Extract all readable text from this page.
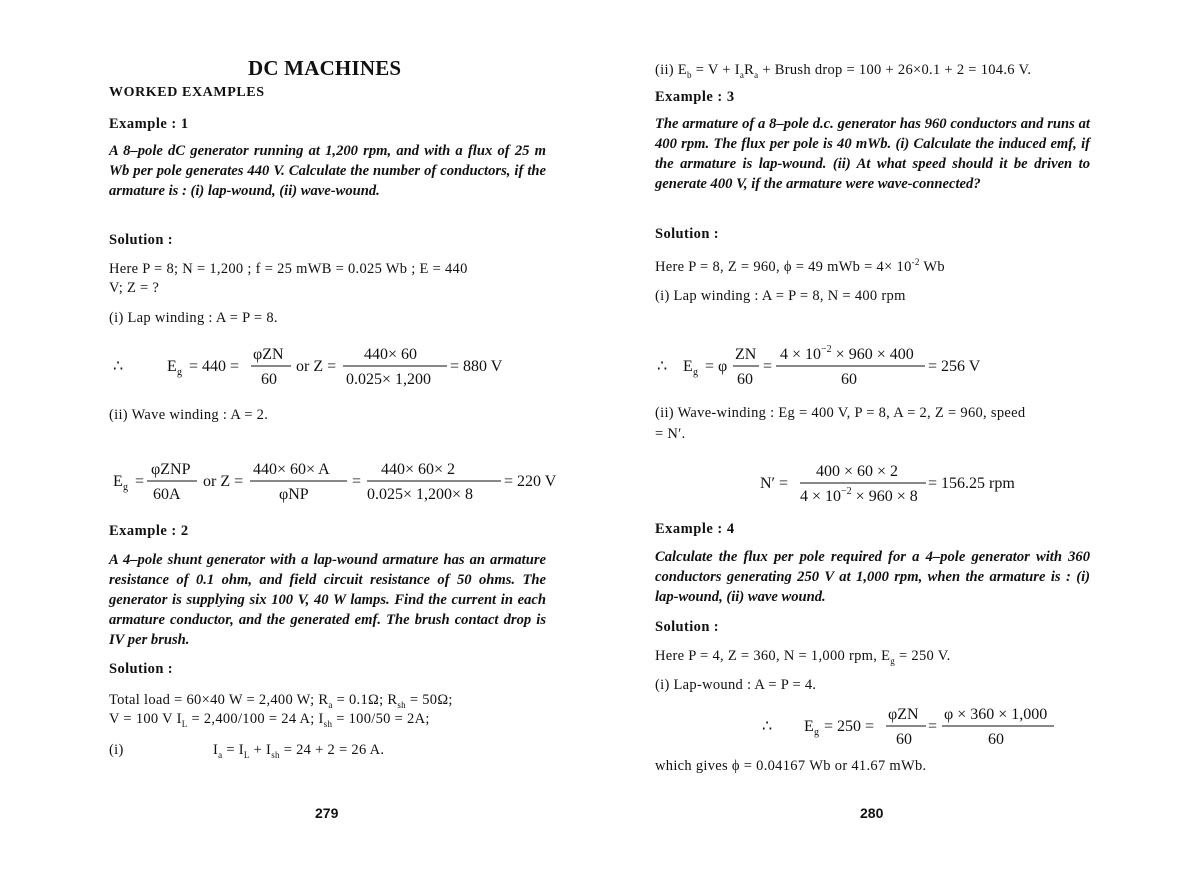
DC MACHINES
WORKED EXAMPLES
Example : 1
A 8–pole dC generator running at 1,200 rpm, and with a flux of 25 m Wb per pole generates 440 V. Calculate the number of conductors, if the armature is : (i) lap-wound, (ii) wave-wound.
Solution :
Here P = 8; N = 1,200 ; f = 25 mWB = 0.025 Wb ; E = 440
V; Z = ?
(i) Lap winding : A = P = 8.
∴	E g = 440 =
φZN
60
or Z =
440× 60
0.025× 1,200
= 880 V
(ii) Wave winding : A = 2.
E g =
φZNP
60A
or Z =
440× 60× A
φNP
=
440× 60× 2
0.025× 1,200× 8
= 220 V
Example : 2
A 4–pole shunt generator with a lap-wound armature has an armature resistance of 0.1 ohm, and field circuit resistance of 50 ohms. The generator is supplying six 100 V, 40 W lamps. Find the current in each armature conductor, and the generated emf. The brush contact drop is IV per brush.
Solution :
Total load = 60×40 W = 2,400 W; $R_a = 0.1\Omega$; $R_{sh} = 50\Omega$;
V = 100 V $I_L = 2,400/100 = 24$ A; $I_{sh} = 100/50 = 2A$;
(i)	$I_a = I_L + I_{sh} = 24 + 2 = 26$ A.
279
(ii) $E_b = V + I_aR_a$ + Brush drop = 100 + 26×0.1 + 2 = 104.6 V.
Example : 3
The armature of a 8–pole d.c. generator has 960 conductors and runs at 400 rpm. The flux per pole is 40 mWb. (i) Calculate the induced emf, if the armature is lap-wound. (ii) At what speed should it be driven to generate 400 V, if the armature were wave-connected?
Solution :
Here P = 8, Z = 960, ϕ = 49 mWb = $4\times 10^{-2}$ Wb
(i) Lap winding : A = P = 8, N = 400 rpm
∴ E g = φ
ZN
60
=
$4 \times 10^{-2} \times 960 \times 400$
60
= 256 V
(ii) Wave-winding : Eg = 400 V, P = 8, A = 2, Z = 960, speed
= N′.
N′ =
400 × 60 × 2
$4 \times 10^{-2} \times 960 \times 8$
= 156.25 rpm
Example : 4
Calculate the flux per pole required for a 4–pole generator with 360 conductors generating 250 V at 1,000 rpm, when the armature is : (i) lap-wound, (ii) wave wound.
Solution :
Here P = 4, Z = 360, N = 1,000 rpm, $E_g = 250$ V.
(i) Lap-wound : A = P = 4.
∴ E g = 250 =
φZN
60
=
φ × 360 × 1,000
60
which gives ϕ = 0.04167 Wb or 41.67 mWb.
280
